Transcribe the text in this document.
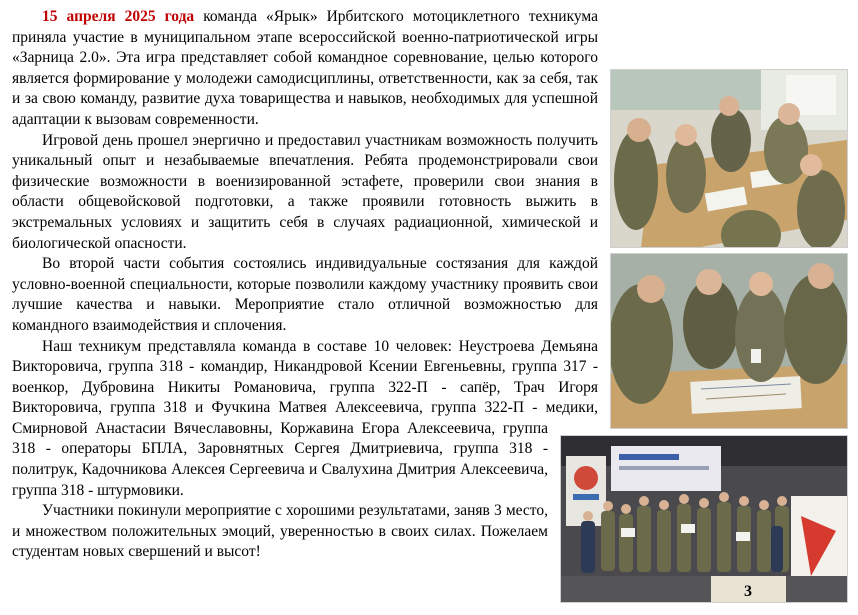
3

15 апреля 2025 года команда «Ярык» Ирбитского мотоциклетного техникума приняла участие в муниципальном этапе всероссийской военно-патриотической игры «Зарница 2.0». Эта игра представляет собой командное соревнование, целью которого является формирование у молодежи самодисциплины, ответственности, как за себя, так и за свою команду, развитие духа товарищества и навыков, необходимых для успешной адаптации к вызовам современности.

Игровой день прошел энергично и предоставил участникам возможность получить уникальный опыт и незабываемые впечатления. Ребята продемонстрировали свои физические возможности в военизированной эстафете, проверили свои знания в области общевойсковой подготовки, а также проявили готовность выжить в экстремальных условиях и защитить себя в случаях радиационной, химической и биологической опасности.

Во второй части события состоялись индивидуальные состязания для каждой условно-военной специальности, которые позволили каждому участнику проявить свои лучшие качества и навыки. Мероприятие стало отличной возможностью для командного взаимодействия и сплочения.

Наш техникум представляла команда в составе 10 человек: Неустроева Демьяна Викторовича, группа 318 - командир, Никандровой Ксении Евгеньевны, группа 317 - военкор, Дубровина Никиты Романовича, группа 322-П - сапёр, Трач Игоря Викторовича, группа 318 и Фучкина Матвея Алексеевича, группа 322-П - медики, Смирновой Анастасии Вячеславовны, Коржавина Егора Алексеевича, группа 318 - операторы БПЛА, Заровнятных Сергея Дмитриевича, группа 318 - политрук, Кадочникова Алексея Сергеевича и Свалухина Дмитрия Алексеевича, группа 318 - штурмовики.

Участники покинули мероприятие с хорошими результатами, заняв 3 место, и множеством положительных эмоций, уверенностью в своих силах. Пожелаем студентам новых свершений и высот!
